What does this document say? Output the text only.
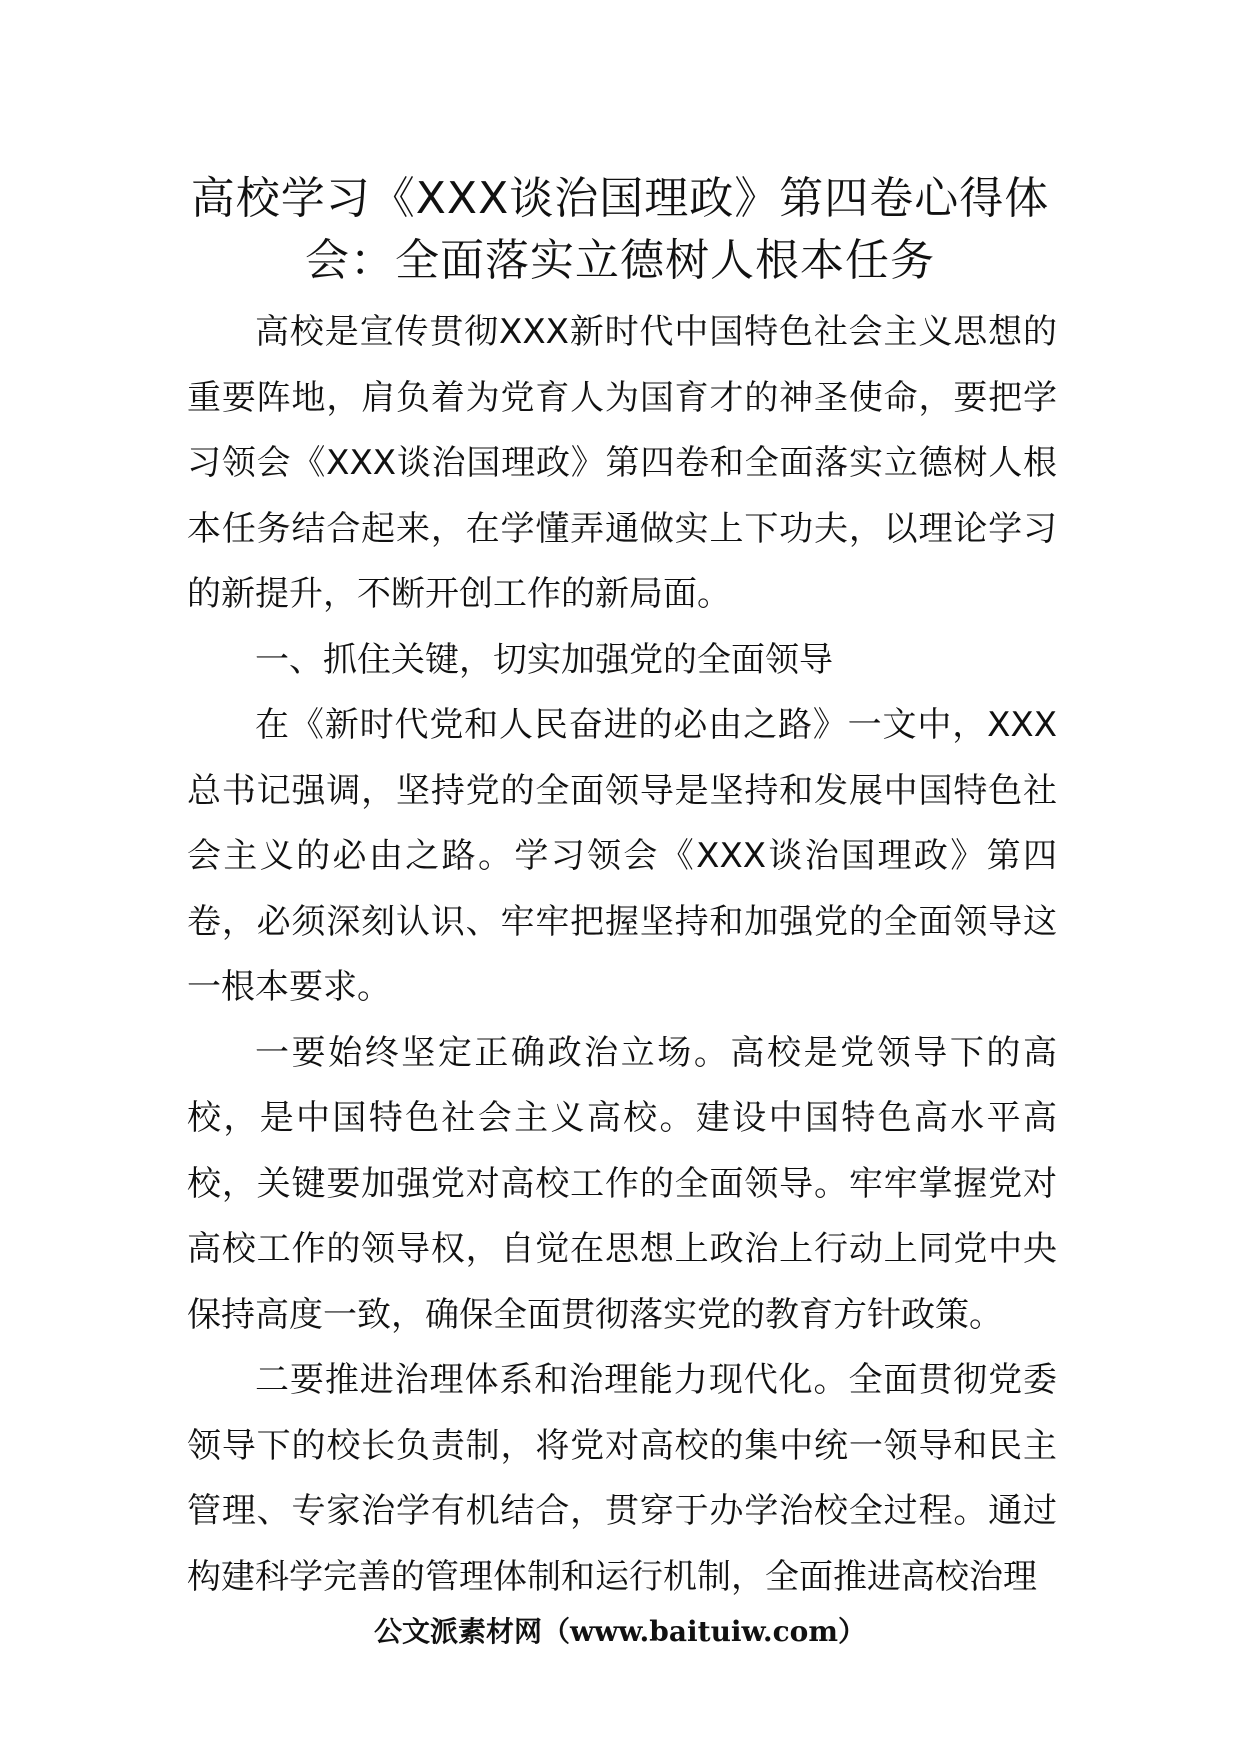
高校学习《XXX谈治国理政》第四卷心得体
会：全面落实立德树人根本任务

高校是宣传贯彻XXX新时代中国特色社会主义思想的重要阵地，肩负着为党育人为国育才的神圣使命，要把学习领会《XXX谈治国理政》第四卷和全面落实立德树人根本任务结合起来，在学懂弄通做实上下功夫，以理论学习的新提升，不断开创工作的新局面。

一、抓住关键，切实加强党的全面领导

在《新时代党和人民奋进的必由之路》一文中，XXX总书记强调，坚持党的全面领导是坚持和发展中国特色社会主义的必由之路。学习领会《XXX谈治国理政》第四卷，必须深刻认识、牢牢把握坚持和加强党的全面领导这一根本要求。

一要始终坚定正确政治立场。高校是党领导下的高校，是中国特色社会主义高校。建设中国特色高水平高校，关键要加强党对高校工作的全面领导。牢牢掌握党对高校工作的领导权，自觉在思想上政治上行动上同党中央保持高度一致，确保全面贯彻落实党的教育方针政策。

二要推进治理体系和治理能力现代化。全面贯彻党委领导下的校长负责制，将党对高校的集中统一领导和民主管理、专家治学有机结合，贯穿于办学治校全过程。通过构建科学完善的管理体制和运行机制，全面推进高校治理

公文派素材网（www.baituiw.com）
